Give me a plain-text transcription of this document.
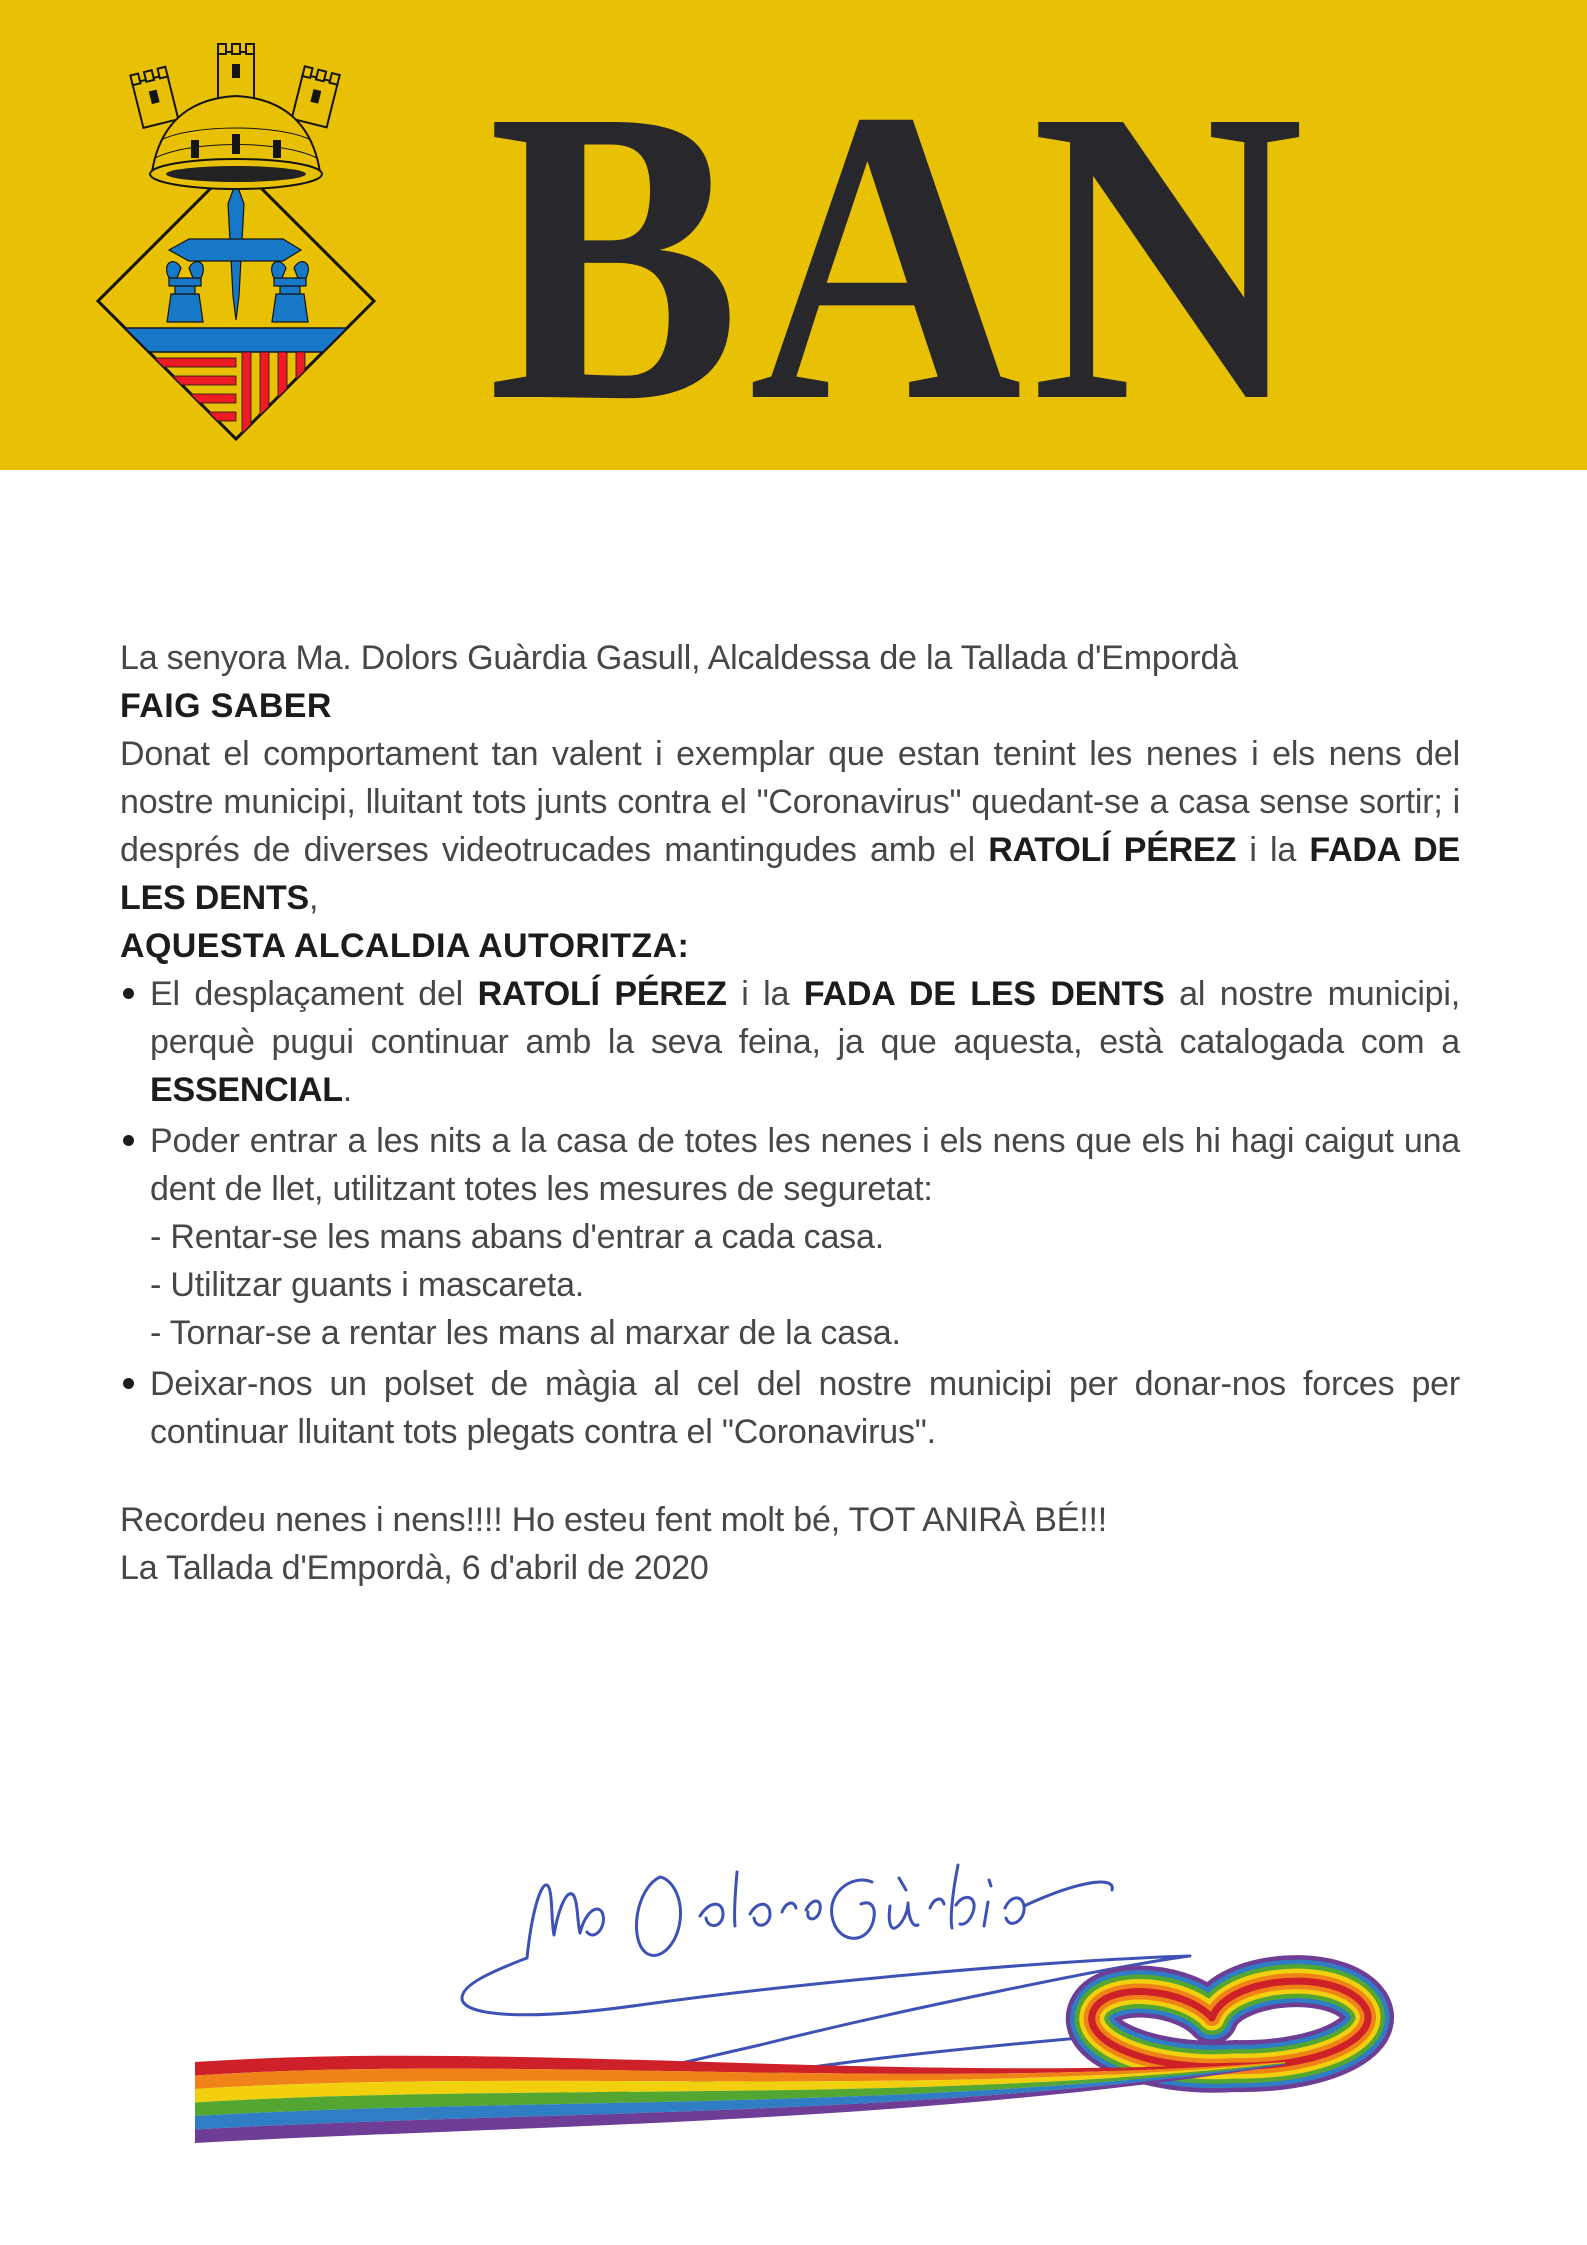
BAN

La senyora Ma. Dolors Guàrdia Gasull, Alcaldessa de la Tallada d'Empordà

FAIG SABER

Donat el comportament tan valent i exemplar que estan tenint les nenes i els nens del nostre municipi, lluitant tots junts contra el "Coronavirus" quedant-se a casa sense sortir; i després de diverses videotrucades mantingudes amb el RATOLÍ PÉREZ i la FADA DE LES DENTS,

AQUESTA ALCALDIA AUTORITZA:
El desplaçament del RATOLÍ PÉREZ i la FADA DE LES DENTS al nostre municipi, perquè pugui continuar amb la seva feina, ja que aquesta, està catalogada com a ESSENCIAL.
Poder entrar a les nits a la casa de totes les nenes i els nens que els hi hagi caigut una dent de llet, utilitzant totes les mesures de seguretat:
- Rentar-se les mans abans d'entrar a cada casa.
- Utilitzar guants i mascareta.
- Tornar-se a rentar les mans al marxar de la casa.
Deixar-nos un polset de màgia al cel del nostre municipi per donar-nos forces per continuar lluitant tots plegats contra el "Coronavirus".

Recordeu nenes i nens!!!! Ho esteu fent molt bé, TOT ANIRÀ BÉ!!!

La Tallada d'Empordà, 6 d'abril de 2020
